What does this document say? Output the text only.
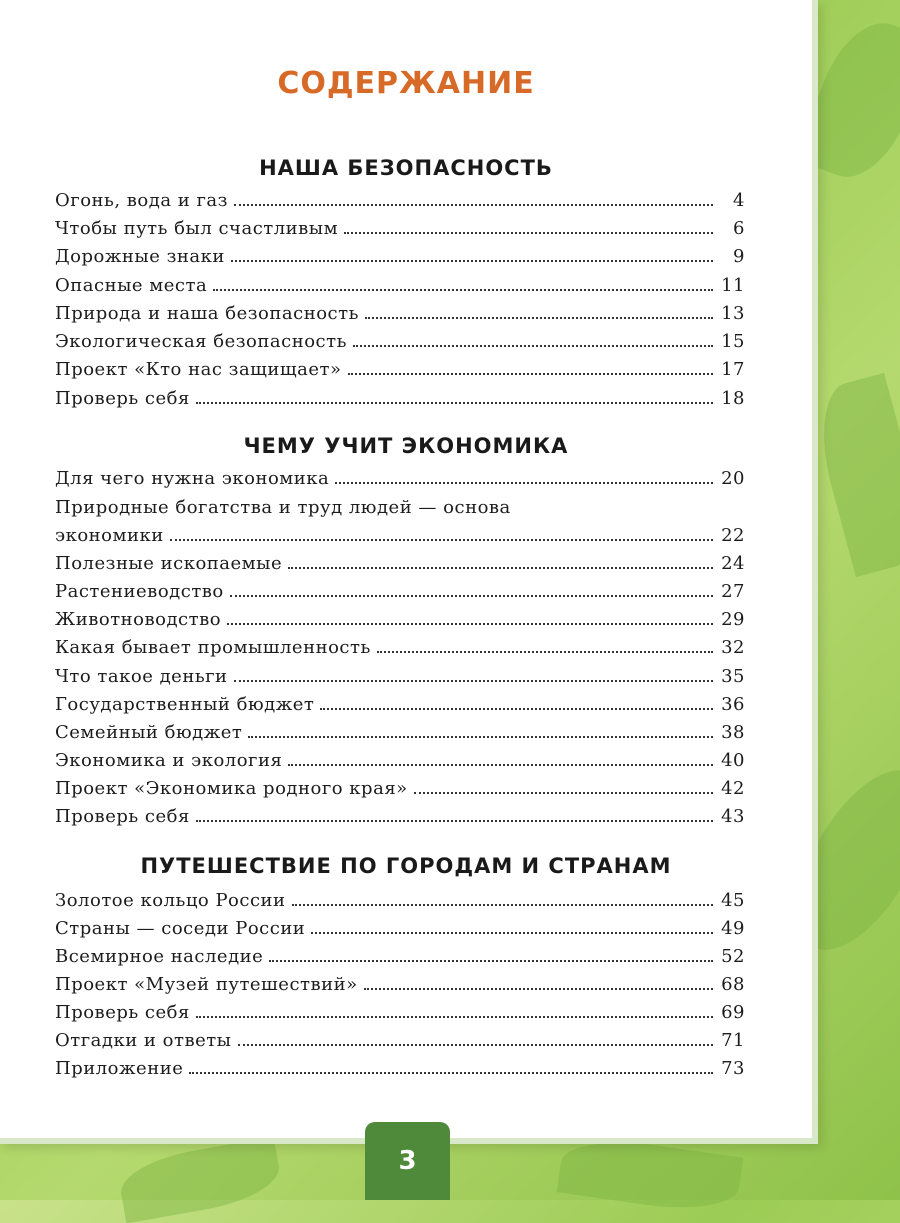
СОДЕРЖАНИЕ
НАША БЕЗОПАСНОСТЬ
Огонь, вода и газ	4
Чтобы путь был счастливым	6
Дорожные знаки	9
Опасные места	11
Природа и наша безопасность	13
Экологическая безопасность	15
Проект «Кто нас защищает»	17
Проверь себя	18
ЧЕМУ УЧИТ ЭКОНОМИКА
Для чего нужна экономика	20
Природные богатства и труд людей — основа
экономики	22
Полезные ископаемые	24
Растениеводство	27
Животноводство	29
Какая бывает промышленность	32
Что такое деньги	35
Государственный бюджет	36
Семейный бюджет	38
Экономика и экология	40
Проект «Экономика родного края»	42
Проверь себя	43
ПУТЕШЕСТВИЕ ПО ГОРОДАМ И СТРАНАМ
Золотое кольцо России	45
Страны — соседи России	49
Всемирное наследие	52
Проект «Музей путешествий»	68
Проверь себя	69
Отгадки и ответы	71
Приложение	73
3
